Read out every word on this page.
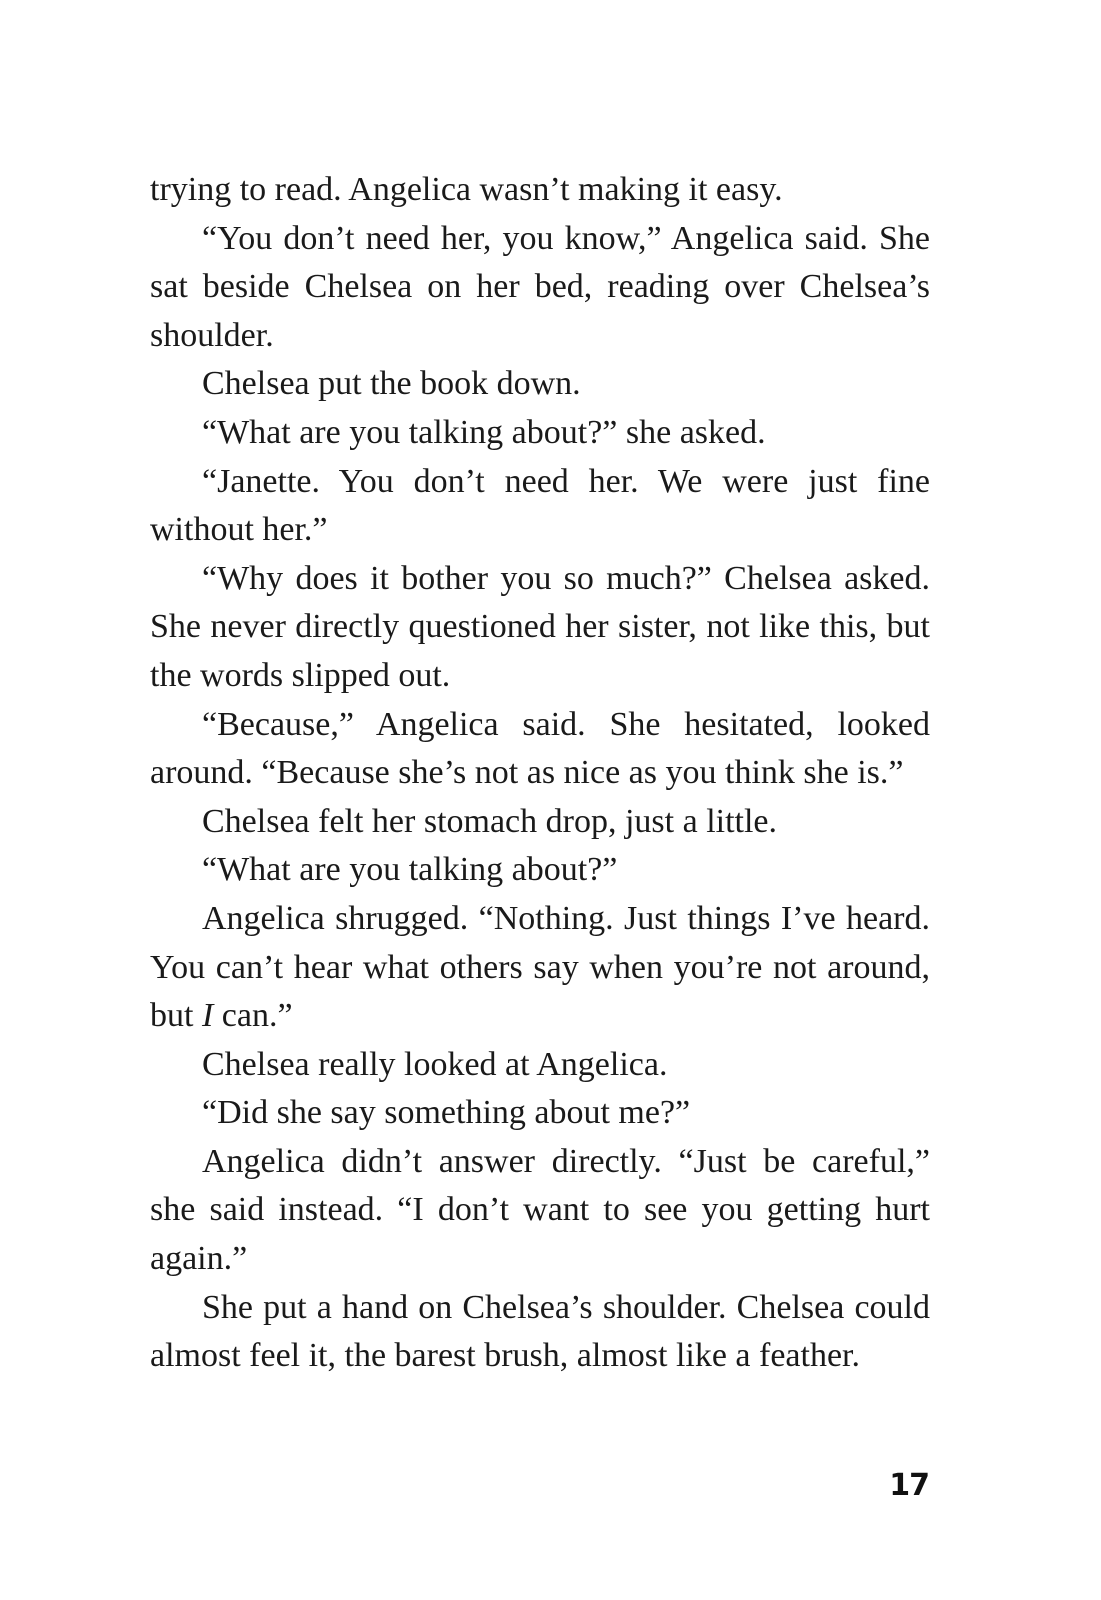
trying to read. Angelica wasn’t making it easy.

“You don’t need her, you know,” Angelica said. She sat beside Chelsea on her bed, reading over Chelsea’s shoulder.

Chelsea put the book down.

“What are you talking about?” she asked.

“Janette. You don’t need her. We were just fine without her.”

“Why does it bother you so much?” Chelsea asked. She never directly questioned her sister, not like this, but the words slipped out.

“Because,” Angelica said. She hesitated, looked around. “Because she’s not as nice as you think she is.”

Chelsea felt her stomach drop, just a little.

“What are you talking about?”

Angelica shrugged. “Nothing. Just things I’ve heard. You can’t hear what others say when you’re not around, but I can.”

Chelsea really looked at Angelica.

“Did she say something about me?”

Angelica didn’t answer directly. “Just be careful,” she said instead. “I don’t want to see you getting hurt again.”

She put a hand on Chelsea’s shoulder. Chelsea could almost feel it, the barest brush, almost like a feather.

17
